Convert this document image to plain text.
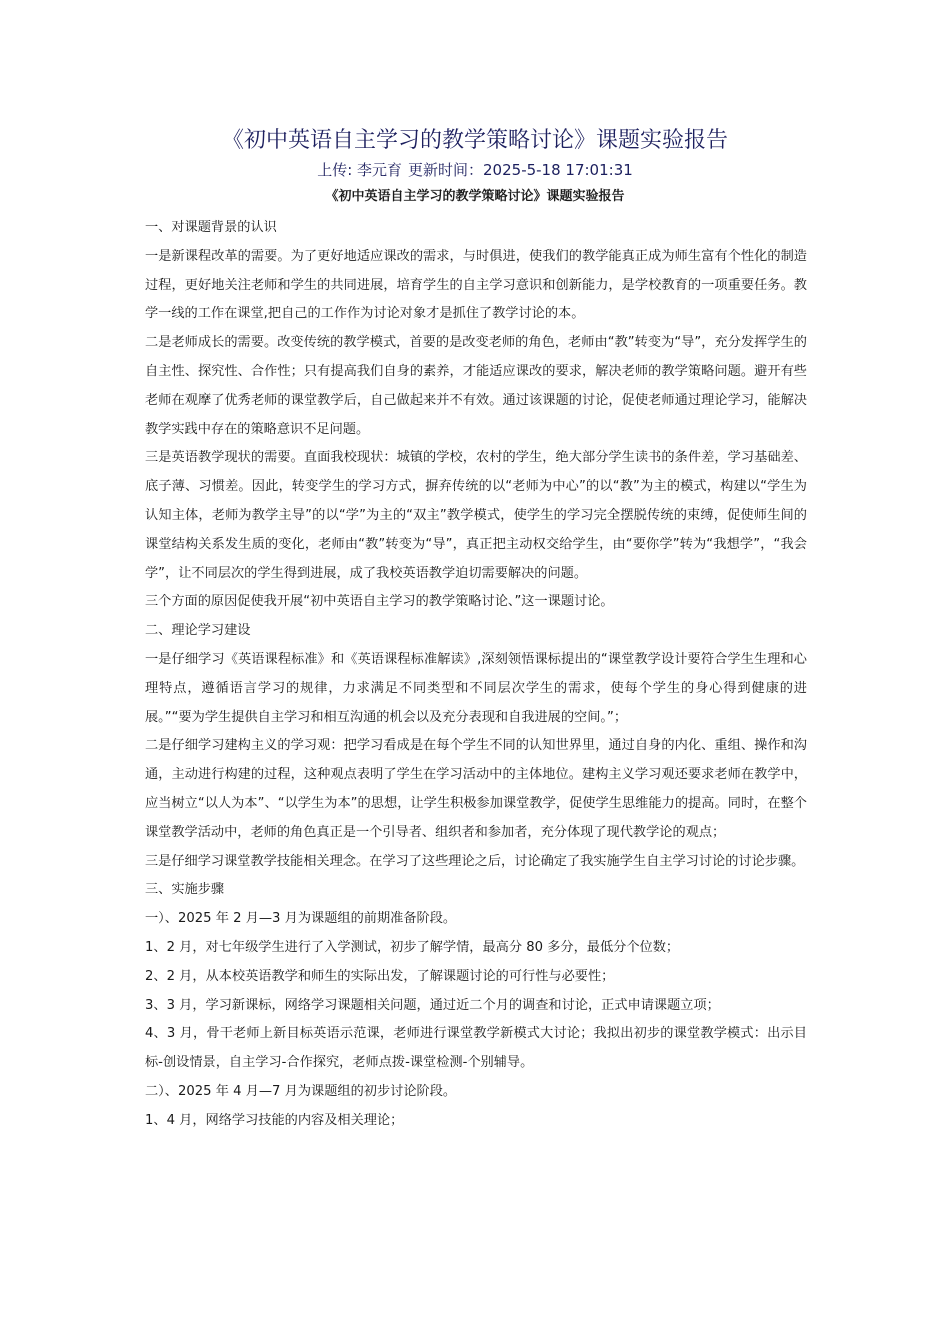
《初中英语自主学习的教学策略讨论》课题实验报告
上传: 李元育 更新时间：2025-5-18 17:01:31
《初中英语自主学习的教学策略讨论》课题实验报告

一、对课题背景的认识

一是新课程改革的需要。为了更好地适应课改的需求，与时俱进，使我们的教学能真正成为师生富有个性化的制造过程，更好地关注老师和学生的共同进展，培育学生的自主学习意识和创新能力，是学校教育的一项重要任务。教学一线的工作在课堂,把自己的工作作为讨论对象才是抓住了教学讨论的本。

二是老师成长的需要。改变传统的教学模式，首要的是改变老师的角色，老师由“教”转变为“导”，充分发挥学生的自主性、探究性、合作性；只有提高我们自身的素养，才能适应课改的要求，解决老师的教学策略问题。避开有些老师在观摩了优秀老师的课堂教学后，自己做起来并不有效。通过该课题的讨论，促使老师通过理论学习，能解决教学实践中存在的策略意识不足问题。

三是英语教学现状的需要。直面我校现状：城镇的学校，农村的学生，绝大部分学生读书的条件差，学习基础差、底子薄、习惯差。因此，转变学生的学习方式，摒弃传统的以“老师为中心”的以“教”为主的模式，构建以“学生为认知主体，老师为教学主导”的以“学”为主的“双主”教学模式，使学生的学习完全摆脱传统的束缚，促使师生间的课堂结构关系发生质的变化，老师由“教”转变为“导”，真正把主动权交给学生，由“要你学”转为“我想学”，“我会学”，让不同层次的学生得到进展，成了我校英语教学迫切需要解决的问题。

三个方面的原因促使我开展“初中英语自主学习的教学策略讨论、”这一课题讨论。

二、理论学习建设

一是仔细学习《英语课程标准》和《英语课程标准解读》,深刻领悟课标提出的“课堂教学设计要符合学生生理和心理特点，遵循语言学习的规律，力求满足不同类型和不同层次学生的需求，使每个学生的身心得到健康的进展。”“要为学生提供自主学习和相互沟通的机会以及充分表现和自我进展的空间。”；

二是仔细学习建构主义的学习观：把学习看成是在每个学生不同的认知世界里，通过自身的内化、重组、操作和沟通，主动进行构建的过程，这种观点表明了学生在学习活动中的主体地位。建构主义学习观还要求老师在教学中，应当树立“以人为本”、“以学生为本”的思想，让学生积极参加课堂教学，促使学生思维能力的提高。同时，在整个课堂教学活动中，老师的角色真正是一个引导者、组织者和参加者，充分体现了现代教学论的观点；

三是仔细学习课堂教学技能相关理念。在学习了这些理论之后，讨论确定了我实施学生自主学习讨论的讨论步骤。

三、实施步骤

一）、2025 年 2 月—3 月为课题组的前期准备阶段。

1、2 月，对七年级学生进行了入学测试，初步了解学情，最高分 80 多分，最低分个位数；

2、2 月，从本校英语教学和师生的实际出发，了解课题讨论的可行性与必要性；

3、3 月，学习新课标，网络学习课题相关问题，通过近二个月的调查和讨论，正式申请课题立项；

4、3 月，骨干老师上新目标英语示范课，老师进行课堂教学新模式大讨论；我拟出初步的课堂教学模式：出示目标-创设情景，自主学习-合作探究，老师点拨-课堂检测-个别辅导。

二）、2025 年 4 月—7 月为课题组的初步讨论阶段。

1、4 月，网络学习技能的内容及相关理论；
